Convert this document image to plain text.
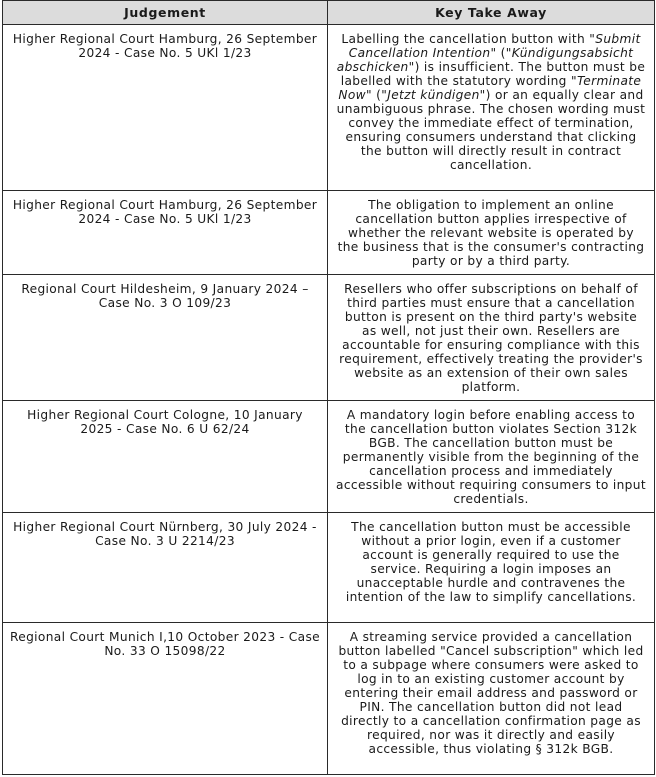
Judgement	Key Take Away
Higher Regional Court Hamburg, 26 September 2024 - Case No. 5 UKl 1/23	Labelling the cancellation button with "Submit Cancellation Intention" ("Kündigungsabsicht abschicken") is insufficient. The button must be labelled with the statutory wording "Terminate Now" ("Jetzt kündigen") or an equally clear and unambiguous phrase. The chosen wording must convey the immediate effect of termination, ensuring consumers understand that clicking the button will directly result in contract cancellation.
Higher Regional Court Hamburg, 26 September 2024 - Case No. 5 UKl 1/23	The obligation to implement an online cancellation button applies irrespective of whether the relevant website is operated by the business that is the consumer's contracting party or by a third party.
Regional Court Hildesheim, 9 January 2024 – Case No. 3 O 109/23	Resellers who offer subscriptions on behalf of third parties must ensure that a cancellation button is present on the third party's website as well, not just their own. Resellers are accountable for ensuring compliance with this requirement, effectively treating the provider's website as an extension of their own sales platform.
Higher Regional Court Cologne, 10 January 2025 - Case No. 6 U 62/24	A mandatory login before enabling access to the cancellation button violates Section 312k BGB. The cancellation button must be permanently visible from the beginning of the cancellation process and immediately accessible without requiring consumers to input credentials.
Higher Regional Court Nürnberg, 30 July 2024 - Case No. 3 U 2214/23	The cancellation button must be accessible without a prior login, even if a customer account is generally required to use the service. Requiring a login imposes an unacceptable hurdle and contravenes the intention of the law to simplify cancellations.
Regional Court Munich I,10 October 2023 - Case No. 33 O 15098/22	A streaming service provided a cancellation button labelled "Cancel subscription" which led to a subpage where consumers were asked to log in to an existing customer account by entering their email address and password or PIN. The cancellation button did not lead directly to a cancellation confirmation page as required, nor was it directly and easily accessible, thus violating § 312k BGB.
